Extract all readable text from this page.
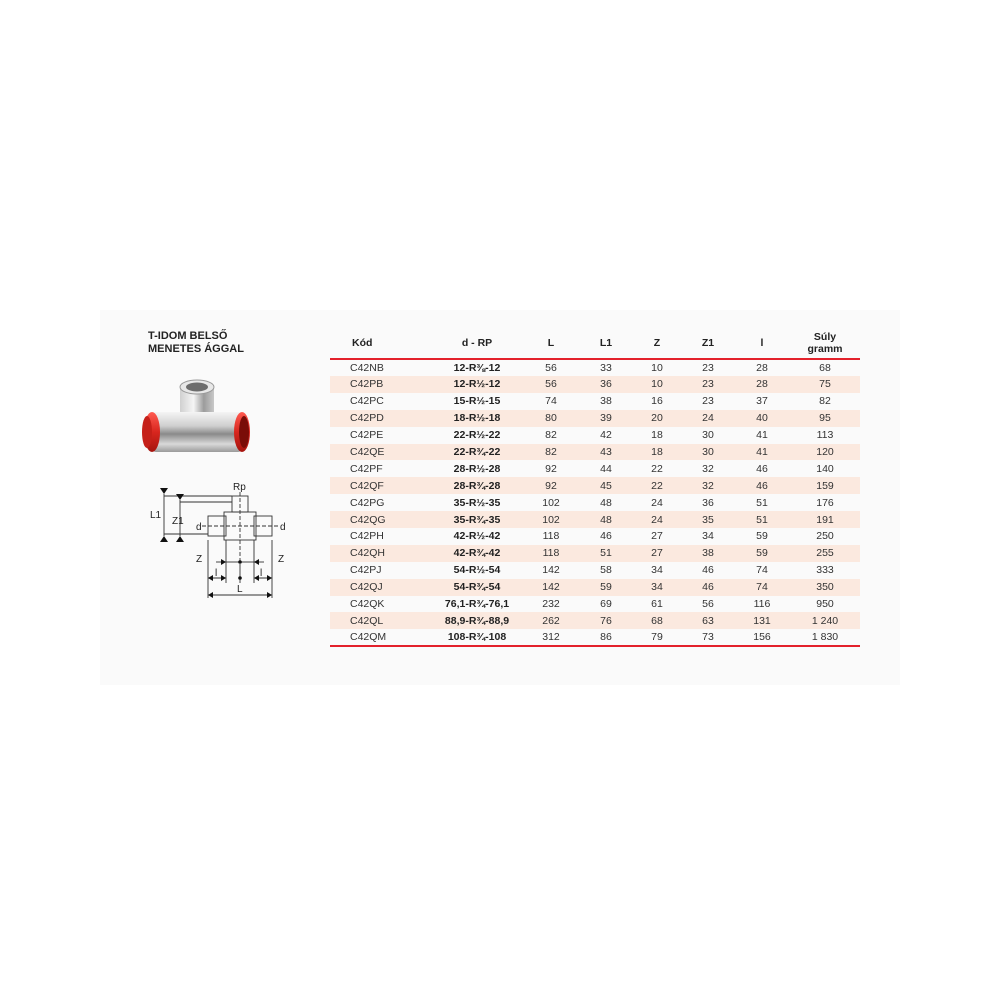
T-IDOM BELSŐ
MENETES ÁGGAL
Rp
L1
Z1
d	d
Z	Z
l	l
L
Kód	d - RP	L	L1	Z	Z1	l	Súly
gramm

C42NB	12-R⅜-12	56	33	10	23	28	68
C42PB	12-R½-12	56	36	10	23	28	75
C42PC	15-R½-15	74	38	16	23	37	82
C42PD	18-R½-18	80	39	20	24	40	95
C42PE	22-R½-22	82	42	18	30	41	113
C42QE	22-R¾-22	82	43	18	30	41	120
C42PF	28-R½-28	92	44	22	32	46	140
C42QF	28-R¾-28	92	45	22	32	46	159
C42PG	35-R½-35	102	48	24	36	51	176
C42QG	35-R¾-35	102	48	24	35	51	191
C42PH	42-R½-42	118	46	27	34	59	250
C42QH	42-R¾-42	118	51	27	38	59	255
C42PJ	54-R½-54	142	58	34	46	74	333
C42QJ	54-R¾-54	142	59	34	46	74	350
C42QK	76,1-R¾-76,1	232	69	61	56	116	950
C42QL	88,9-R¾-88,9	262	76	68	63	131	1 240
C42QM	108-R¾-108	312	86	79	73	156	1 830
